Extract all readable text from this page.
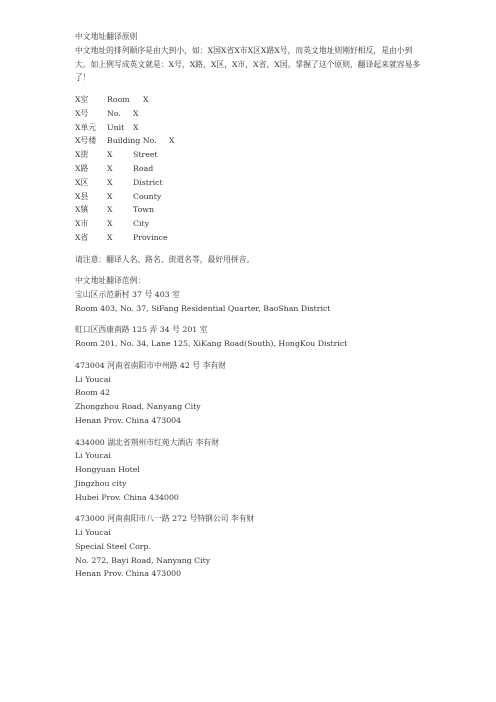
中文地址翻译原则
中文地址的排列顺序是由大到小，如：X国X省X市X区X路X号，而英文地址则刚好相反，是由小到大。如上例写成英文就是：X号，X路，X区，X市，X省，X国。掌握了这个原则，翻译起来就容易多了！
X室 Room X
X号 No. X
X单元 Unit X
X号楼 Building No. X
X街 X	Street
X路 X	Road
X区 X	District
X县 X	County
X镇 X	Town
X市 X	City
X省 X	Province
请注意：翻译人名、路名、街道名等，最好用拼音。
中文地址翻译范例：
宝山区示范新村 37 号 403 室
Room 403, No. 37, SiFang Residential Quarter, BaoShan District
虹口区西康南路 125 弄 34 号 201 室
Room 201, No. 34, Lane 125, XiKang Road(South), HongKou District
473004 河南省南阳市中州路 42 号 李有财
Li Youcai
Room 42
Zhongzhou Road, Nanyang City
Henan Prov. China 473004
434000 湖北省荆州市红苑大酒店 李有财
Li Youcai
Hongyuan Hotel
Jingzhou city
Hubei Prov. China 434000
473000 河南南阳市八一路 272 号特钢公司 李有财
Li Youcai
Special Steel Corp.
No. 272, Bayi Road, Nanyang City
Henan Prov. China 473000
